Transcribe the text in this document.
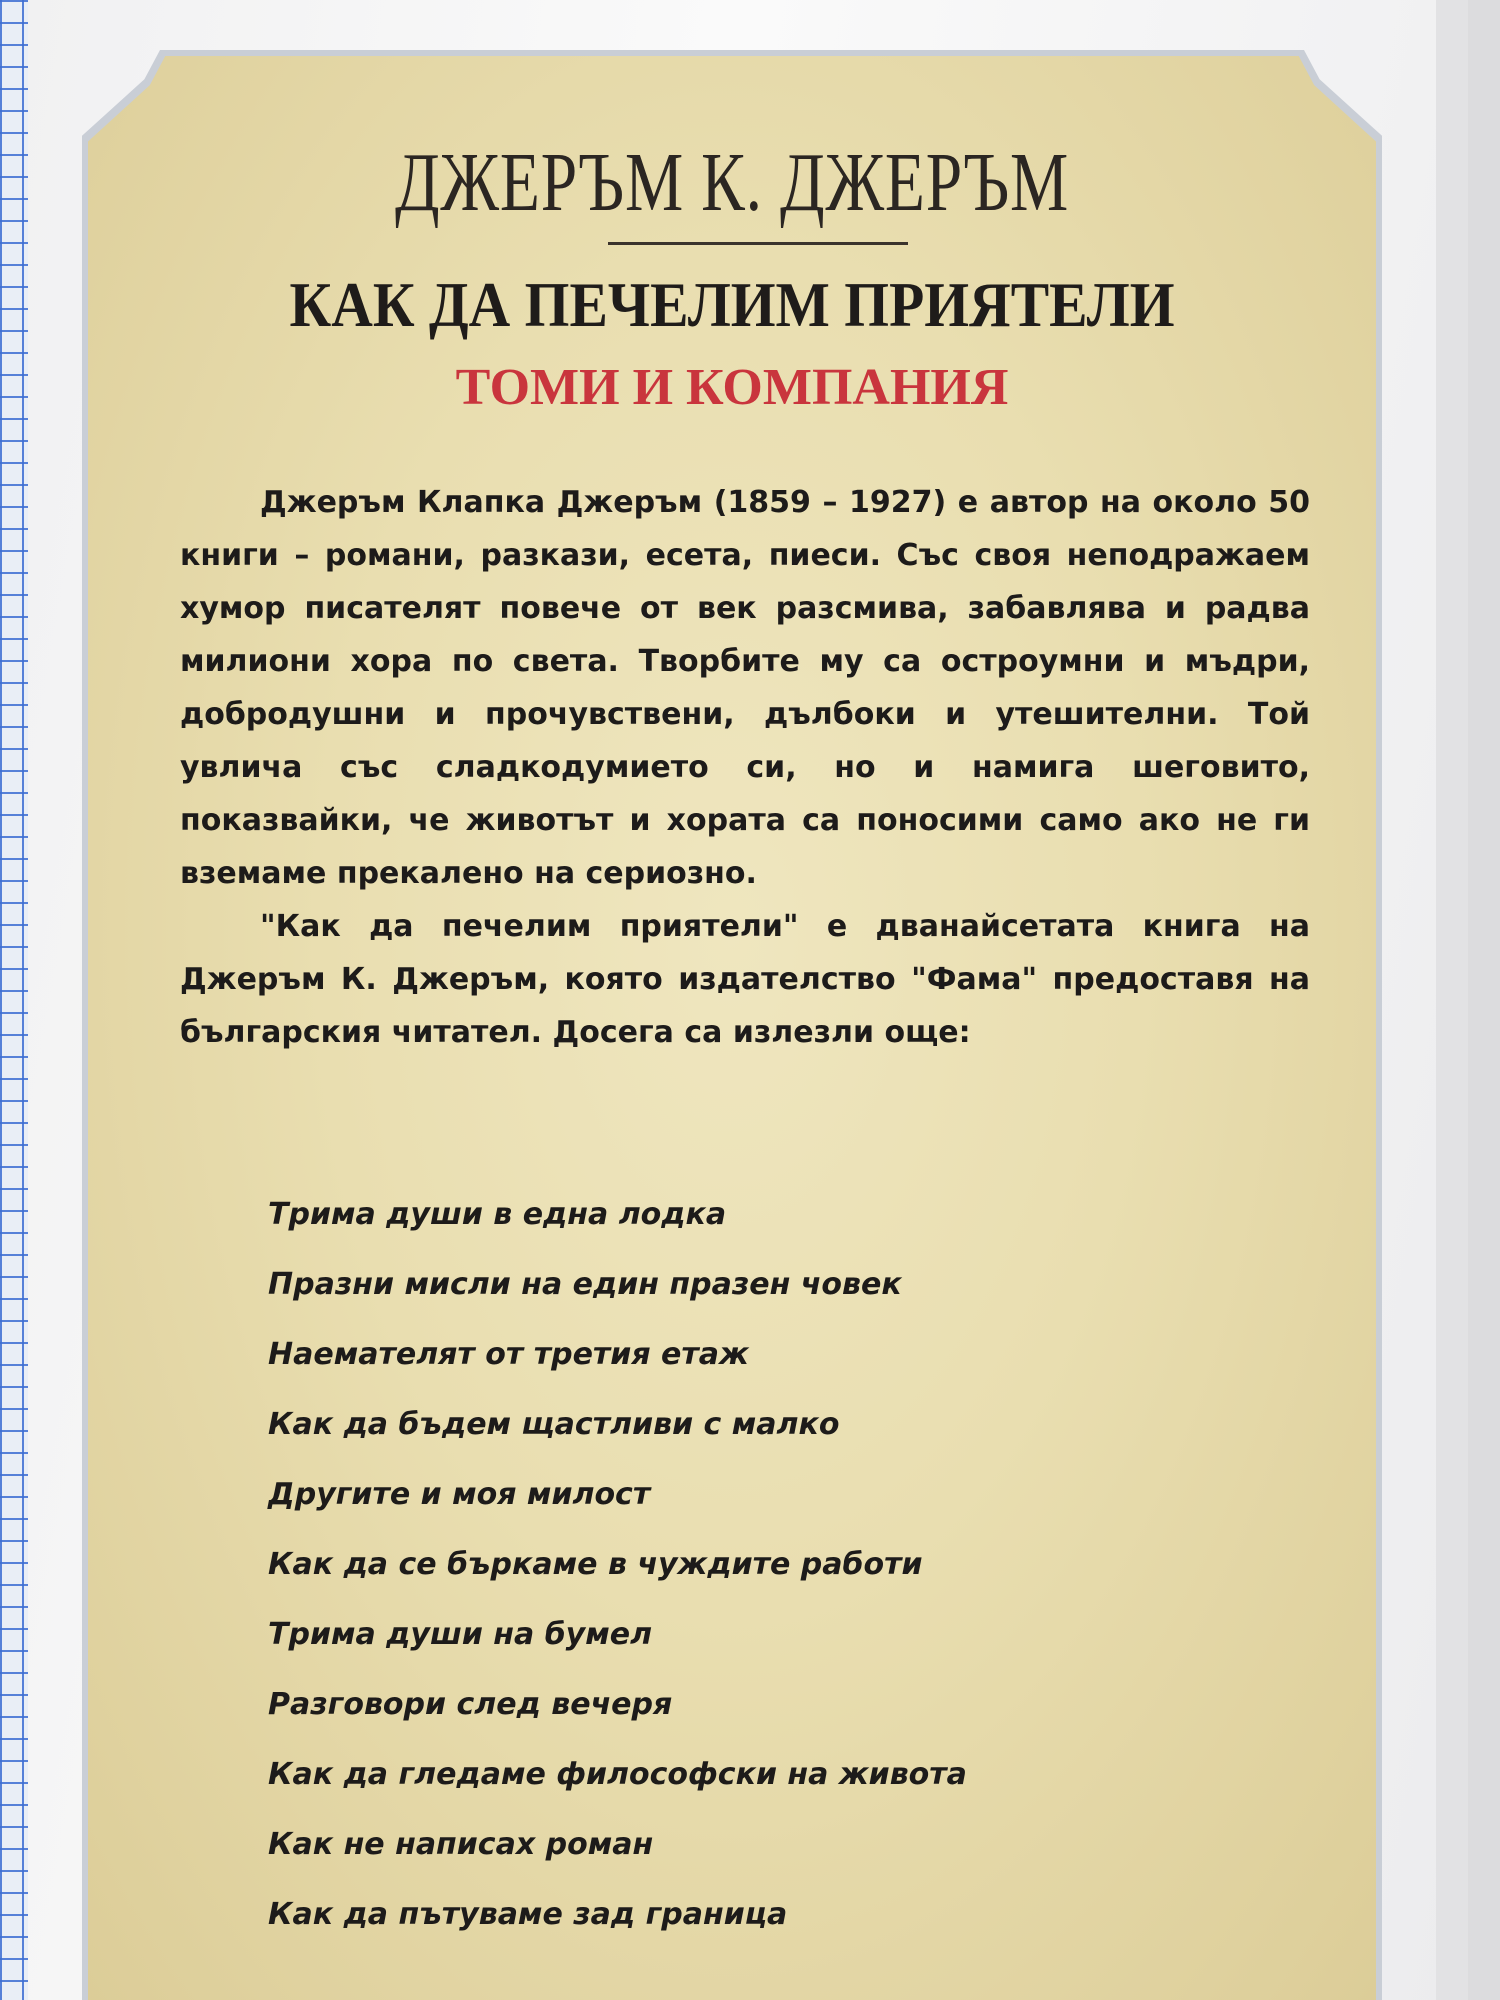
ДЖЕРЪМ К. ДЖЕРЪМ
КАК ДА ПЕЧЕЛИМ ПРИЯТЕЛИ
ТОМИ И КОМПАНИЯ

Джеръм Клапка Джеръм (1859 – 1927) е автор на около 50 книги – романи, разкази, есета, пиеси. Със своя неподражаем хумор писателят повече от век разсмива, забавлява и радва милиони хора по света. Творбите му са остроумни и мъдри, добродушни и прочувствени, дълбоки и утешителни. Той увлича със сладкодумието си, но и намига шеговито, показвайки, че животът и хората са поносими само ако не ги вземаме прекалено на сериозно.

"Как да печелим приятели" е дванайсетата книга на Джеръм К. Джеръм, която издателство "Фама" предоставя на българския читател. Досега са излезли още:

Трима души в една лодка
Празни мисли на един празен човек
Наемателят от третия етаж
Как да бъдем щастливи с малко
Другите и моя милост
Как да се бъркаме в чуждите работи
Трима души на бумел
Разговори след вечеря
Как да гледаме философски на живота
Как не написах роман
Как да пътуваме зад граница
